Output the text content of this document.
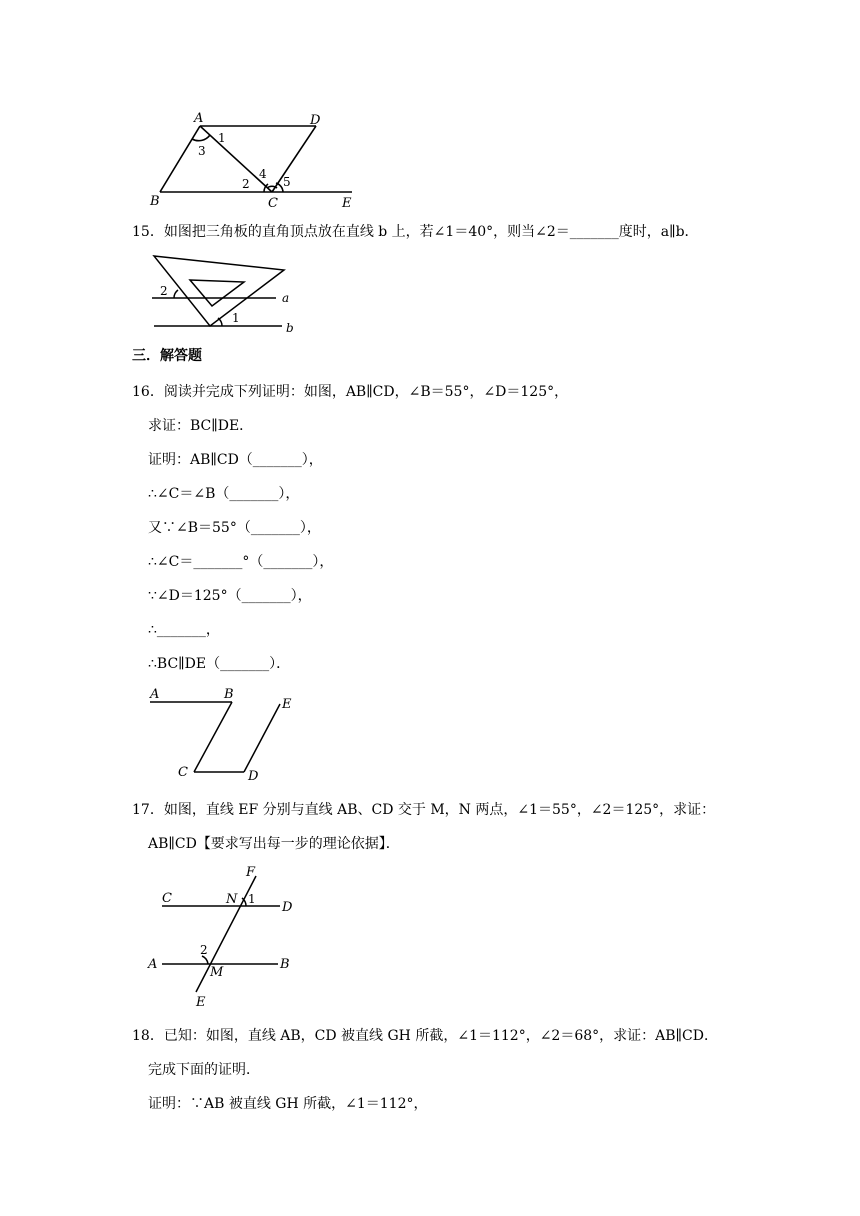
A	D
B	C	E
1
3
2
4
5
15．如图把三角板的直角顶点放在直线 b 上，若∠1＝40°，则当∠2＝_______度时，a∥b．
2
1
a
b
三．解答题
16．阅读并完成下列证明：如图，AB∥CD，∠B＝55°，∠D＝125°，
求证：BC∥DE．
证明：AB∥CD（_______），
∴∠C＝∠B（_______），
又∵∠B＝55°（_______），
∴∠C＝_______°（_______），
∵∠D＝125°（_______），
∴_______，
∴BC∥DE（_______）．
A	B
E
C	D
17．如图，直线 EF 分别与直线 AB、CD 交于 M，N 两点，∠1＝55°，∠2＝125°，求证：
AB∥CD【要求写出每一步的理论依据】．
F
C	N
D
A
M
B
E
1
2
18．已知：如图，直线 AB，CD 被直线 GH 所截，∠1＝112°，∠2＝68°，求证：AB∥CD．
完成下面的证明．
证明：∵AB 被直线 GH 所截，∠1＝112°，
